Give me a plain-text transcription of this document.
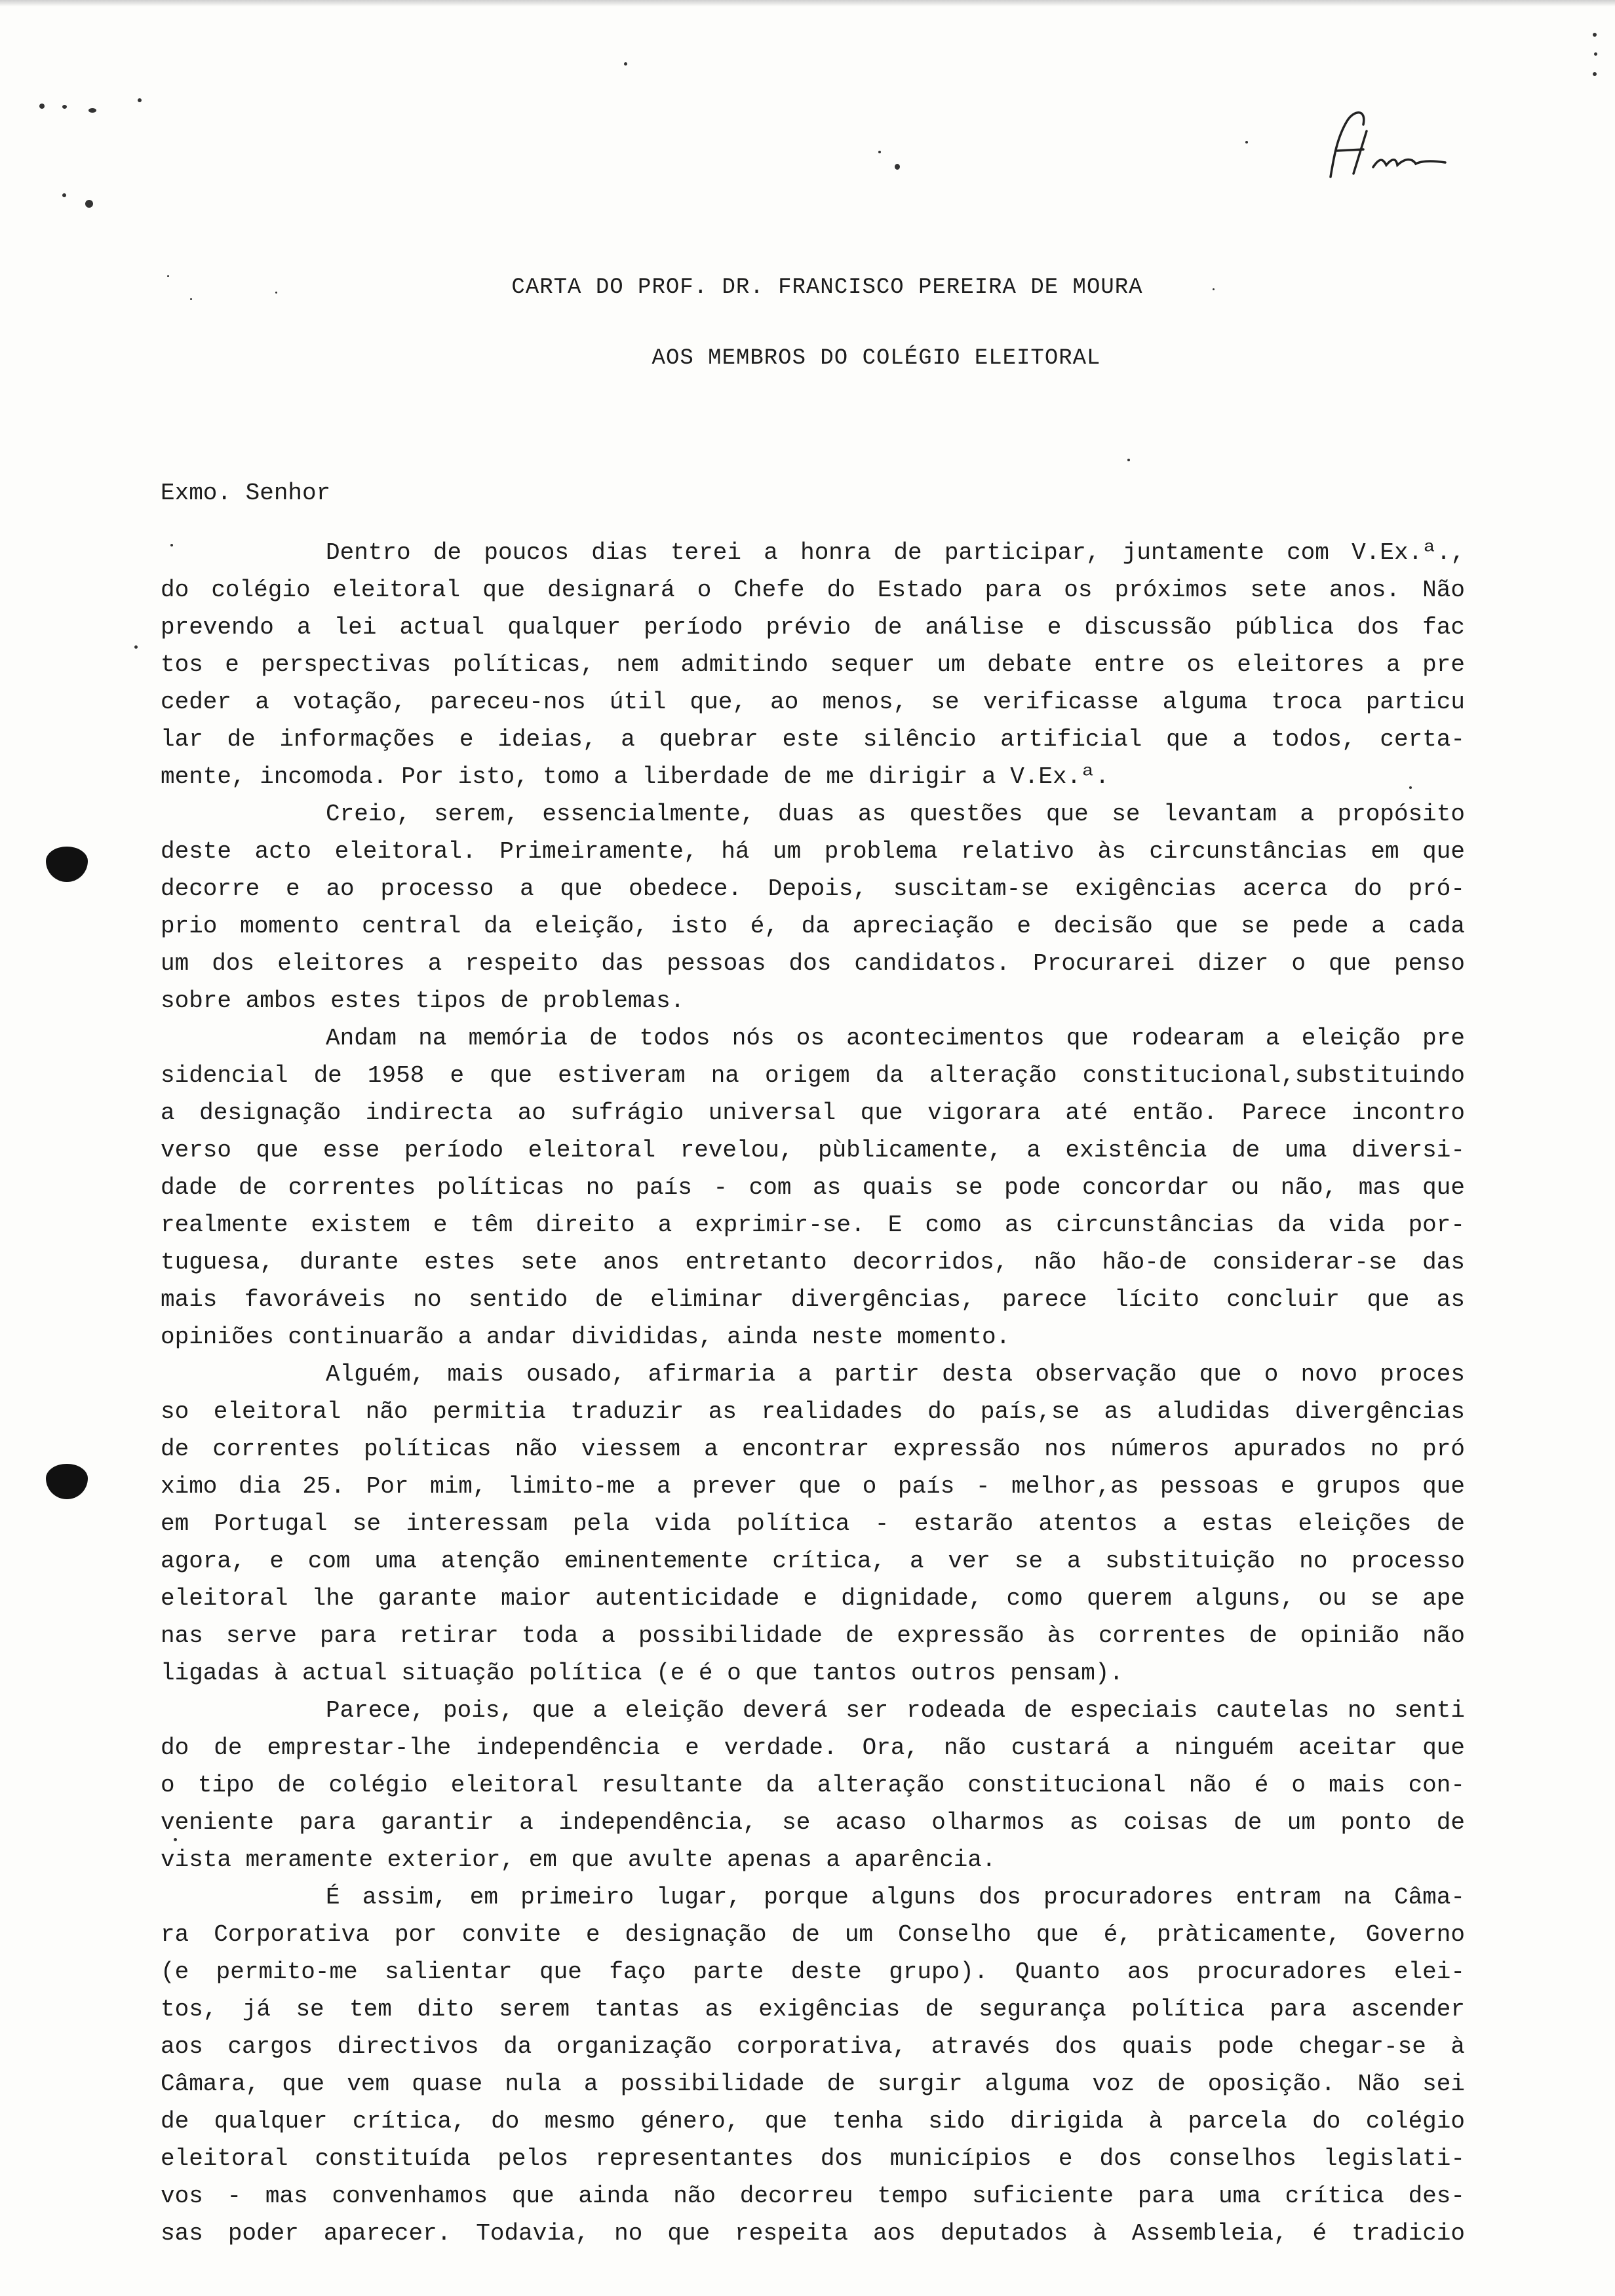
CARTA DO PROF. DR. FRANCISCO PEREIRA DE MOURA
AOS MEMBROS DO COLÉGIO ELEITORAL
Exmo. Senhor
Dentro de poucos dias terei a honra de participar, juntamente com V.Ex.ª.,
do colégio eleitoral que designará o Chefe do Estado para os próximos sete anos. Não
prevendo a lei actual qualquer período prévio de análise e discussão pública dos fac
tos e perspectivas políticas, nem admitindo sequer um debate entre os eleitores a pre
ceder a votação, pareceu-nos útil que, ao menos, se verificasse alguma troca particu
lar de informações e ideias, a quebrar este silêncio artificial que a todos, certa-
mente, incomoda. Por isto, tomo a liberdade de me dirigir a V.Ex.ª.
Creio, serem, essencialmente, duas as questões que se levantam a propósito
deste acto eleitoral. Primeiramente, há um problema relativo às circunstâncias em que
decorre e ao processo a que obedece. Depois, suscitam-se exigências acerca do pró-
prio momento central da eleição, isto é, da apreciação e decisão que se pede a cada
um dos eleitores a respeito das pessoas dos candidatos. Procurarei dizer o que penso
sobre ambos estes tipos de problemas.
Andam na memória de todos nós os acontecimentos que rodearam a eleição pre
sidencial de 1958 e que estiveram na origem da alteração constitucional,substituindo
a designação indirecta ao sufrágio universal que vigorara até então. Parece incontro
verso que esse período eleitoral revelou, pùblicamente, a existência de uma diversi-
dade de correntes políticas no país - com as quais se pode concordar ou não, mas que
realmente existem e têm direito a exprimir-se. E como as circunstâncias da vida por-
tuguesa, durante estes sete anos entretanto decorridos, não hão-de considerar-se das
mais favoráveis no sentido de eliminar divergências, parece lícito concluir que as
opiniões continuarão a andar divididas, ainda neste momento.
Alguém, mais ousado, afirmaria a partir desta observação que o novo proces
so eleitoral não permitia traduzir as realidades do país,se as aludidas divergências
de correntes políticas não viessem a encontrar expressão nos números apurados no pró
ximo dia 25. Por mim, limito-me a prever que o país - melhor,as pessoas e grupos que
em Portugal se interessam pela vida política - estarão atentos a estas eleições de
agora, e com uma atenção eminentemente crítica, a ver se a substituição no processo
eleitoral lhe garante maior autenticidade e dignidade, como querem alguns, ou se ape
nas serve para retirar toda a possibilidade de expressão às correntes de opinião não
ligadas à actual situação política (e é o que tantos outros pensam).
Parece, pois, que a eleição deverá ser rodeada de especiais cautelas no senti
do de emprestar-lhe independência e verdade. Ora, não custará a ninguém aceitar que
o tipo de colégio eleitoral resultante da alteração constitucional não é o mais con-
veniente para garantir a independência, se acaso olharmos as coisas de um ponto de
vista meramente exterior, em que avulte apenas a aparência.
É assim, em primeiro lugar, porque alguns dos procuradores entram na Câma-
ra Corporativa por convite e designação de um Conselho que é, pràticamente, Governo
(e permito-me salientar que faço parte deste grupo). Quanto aos procuradores elei-
tos, já se tem dito serem tantas as exigências de segurança política para ascender
aos cargos directivos da organização corporativa, através dos quais pode chegar-se à
Câmara, que vem quase nula a possibilidade de surgir alguma voz de oposição. Não sei
de qualquer crítica, do mesmo género, que tenha sido dirigida à parcela do colégio
eleitoral constituída pelos representantes dos municípios e dos conselhos legislati-
vos - mas convenhamos que ainda não decorreu tempo suficiente para uma crítica des-
sas poder aparecer. Todavia, no que respeita aos deputados à Assembleia, é tradicio
